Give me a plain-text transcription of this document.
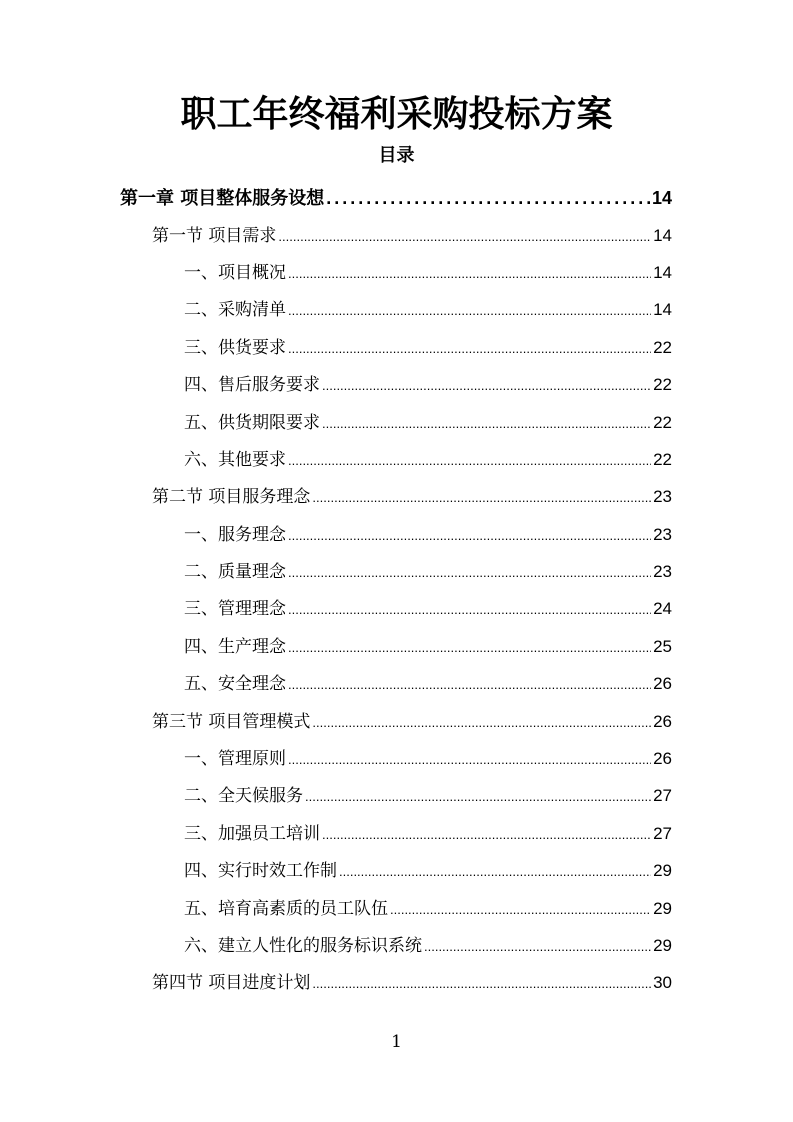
职工年终福利采购投标方案
目录
第一章 项目整体服务设想 .....	14
第一节 项目需求 .....	14
一、项目概况 .....	14
二、采购清单 .....	14
三、供货要求 .....	22
四、售后服务要求 .....	22
五、供货期限要求 .....	22
六、其他要求 .....	22
第二节 项目服务理念 .....	23
一、服务理念 .....	23
二、质量理念 .....	23
三、管理理念 .....	24
四、生产理念 .....	25
五、安全理念 .....	26
第三节 项目管理模式 .....	26
一、管理原则 .....	26
二、全天候服务 .....	27
三、加强员工培训 .....	27
四、实行时效工作制 .....	29
五、培育高素质的员工队伍 .....	29
六、建立人性化的服务标识系统 .....	29
第四节 项目进度计划 .....	30
1
